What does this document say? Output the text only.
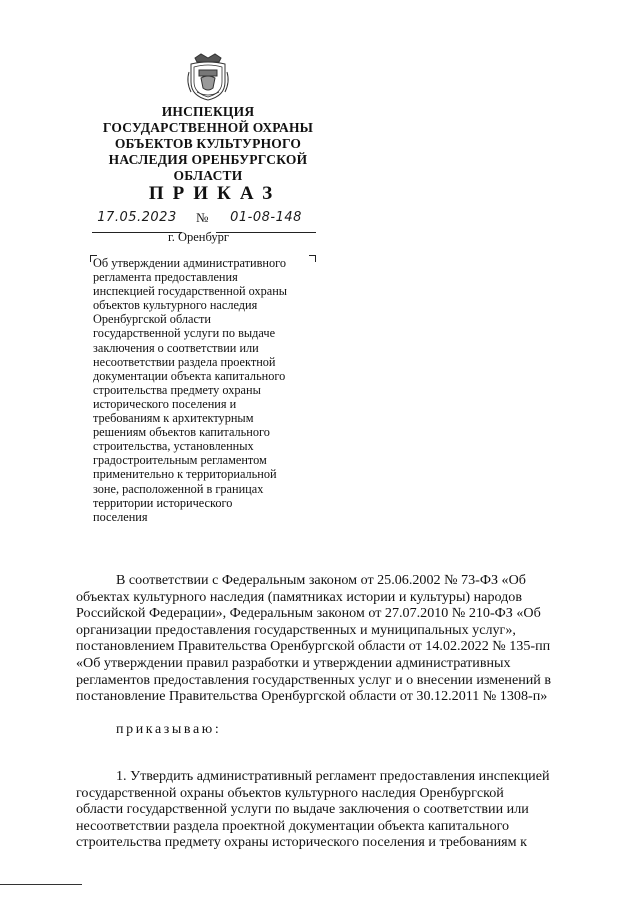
ИНСПЕКЦИЯ
ГОСУДАРСТВЕННОЙ ОХРАНЫ
ОБЪЕКТОВ КУЛЬТУРНОГО
НАСЛЕДИЯ ОРЕНБУРГСКОЙ
ОБЛАСТИ
ПРИКАЗ
17.05.2023	№	01-08-148
г. Оренбург
Об утверждении административного
регламента предоставления
инспекцией государственной охраны
объектов культурного наследия
Оренбургской области
государственной услуги по выдаче
заключения о соответствии или
несоответствии раздела проектной
документации объекта капитального
строительства предмету охраны
исторического поселения и
требованиям к архитектурным
решениям объектов капитального
строительства, установленных
градостроительным регламентом
применительно к территориальной
зоне, расположенной в границах
территории исторического
поселения
В соответствии с Федеральным законом от 25.06.2002 № 73-ФЗ «Об
объектах культурного наследия (памятниках истории и культуры) народов
Российской Федерации», Федеральным законом от 27.07.2010 № 210-ФЗ «Об
организации предоставления государственных и муниципальных услуг»,
постановлением Правительства Оренбургской области от 14.02.2022 № 135-пп
«Об утверждении правил разработки и утверждении административных
регламентов предоставления государственных услуг и о внесении изменений в
постановление Правительства Оренбургской области от 30.12.2011 № 1308-п»
приказываю:
1. Утвердить административный регламент предоставления инспекцией
государственной охраны объектов культурного наследия Оренбургской
области государственной услуги по выдаче заключения о соответствии или
несоответствии раздела проектной документации объекта капитального
строительства предмету охраны исторического поселения и требованиям к
